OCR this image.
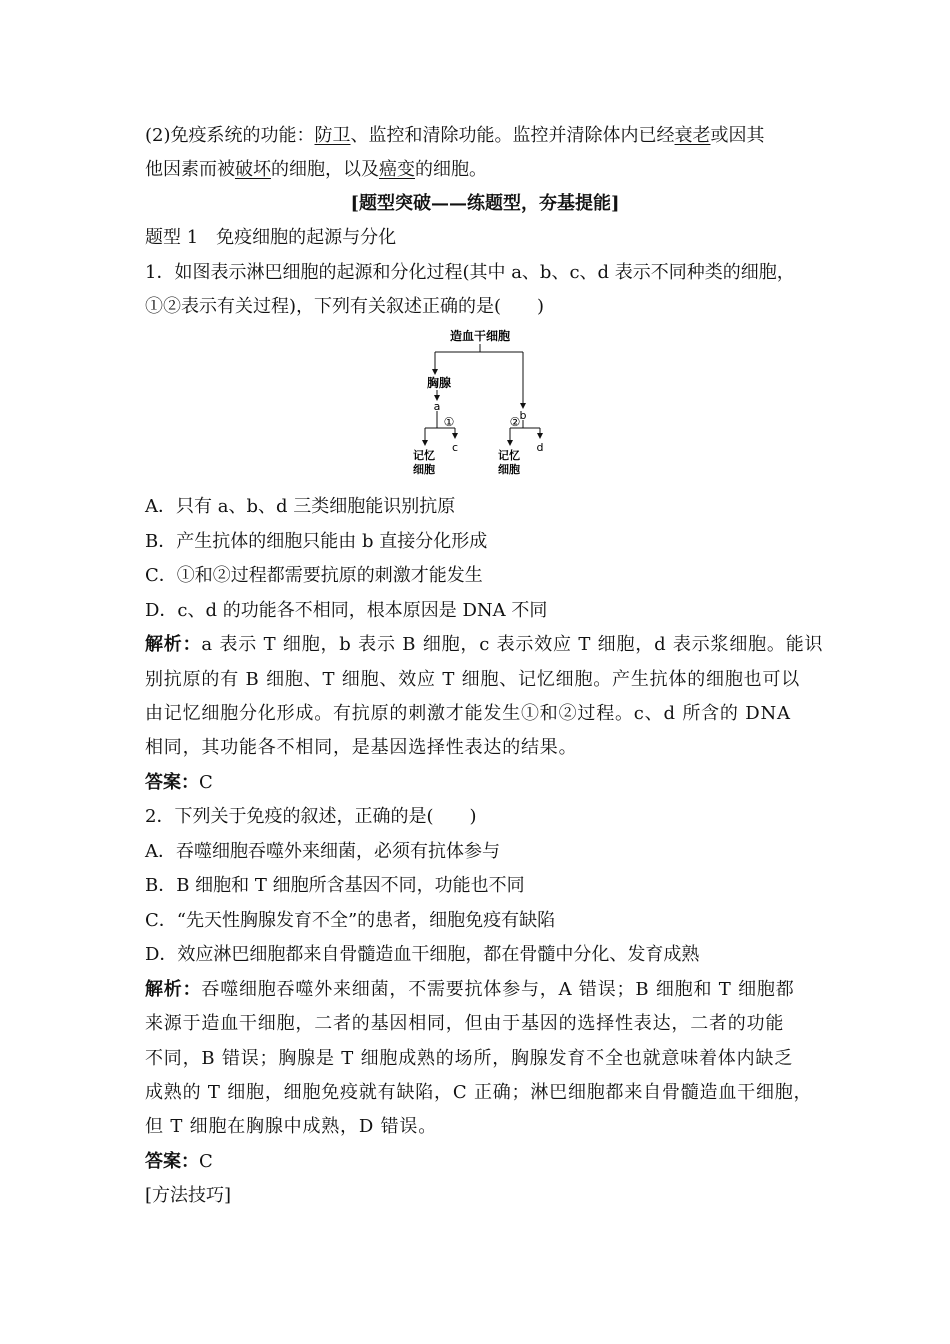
(2)免疫系统的功能：防卫、监控和清除功能。监控并清除体内已经衰老或因其
他因素而被破坏的细胞，以及癌变的细胞。
[题型突破——练题型，夯基提能]
题型 1　免疫细胞的起源与分化
1．如图表示淋巴细胞的起源和分化过程(其中 a、b、c、d 表示不同种类的细胞，
①②表示有关过程)，下列有关叙述正确的是(　　)
造血干细胞
胸腺
a
b
①	②
记忆
细胞
c
记忆
细胞
d
A．只有 a、b、d 三类细胞能识别抗原
B．产生抗体的细胞只能由 b 直接分化形成
C．①和②过程都需要抗原的刺激才能发生
D．c、d 的功能各不相同，根本原因是 DNA 不同
解析：a 表示 T 细胞，b 表示 B 细胞，c 表示效应 T 细胞，d 表示浆细胞。能识
别抗原的有 B 细胞、T 细胞、效应 T 细胞、记忆细胞。产生抗体的细胞也可以
由记忆细胞分化形成。有抗原的刺激才能发生①和②过程。c、d 所含的 DNA
相同，其功能各不相同，是基因选择性表达的结果。
答案：C
2．下列关于免疫的叙述，正确的是(　　)
A．吞噬细胞吞噬外来细菌，必须有抗体参与
B．B 细胞和 T 细胞所含基因不同，功能也不同
C．“先天性胸腺发育不全”的患者，细胞免疫有缺陷
D．效应淋巴细胞都来自骨髓造血干细胞，都在骨髓中分化、发育成熟
解析：吞噬细胞吞噬外来细菌，不需要抗体参与，A 错误；B 细胞和 T 细胞都
来源于造血干细胞，二者的基因相同，但由于基因的选择性表达，二者的功能
不同，B 错误；胸腺是 T 细胞成熟的场所，胸腺发育不全也就意味着体内缺乏
成熟的 T 细胞，细胞免疫就有缺陷，C 正确；淋巴细胞都来自骨髓造血干细胞，
但 T 细胞在胸腺中成熟，D 错误。
答案：C
[方法技巧]
